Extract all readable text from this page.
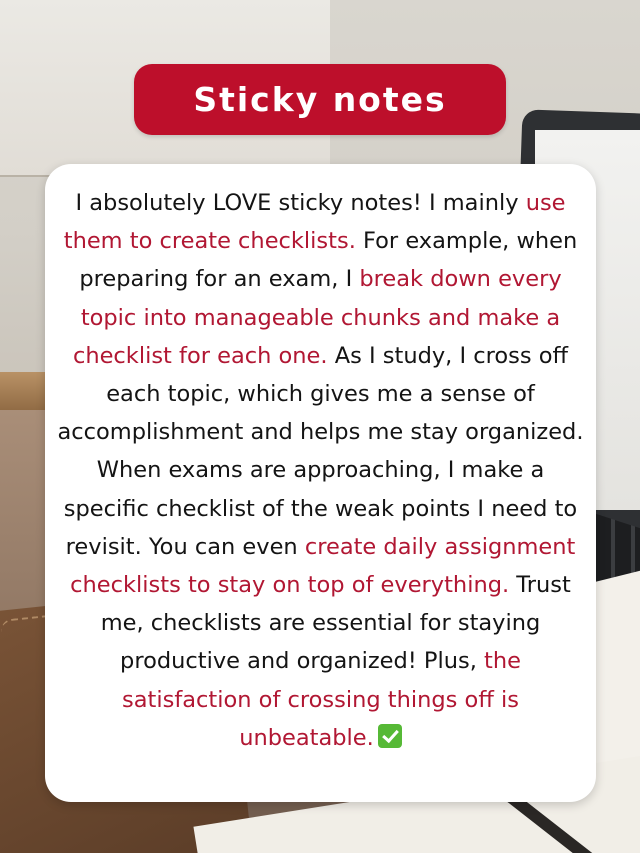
Sticky notes

I absolutely LOVE sticky notes! I mainly use them to create checklists. For example, when preparing for an exam, I break down every topic into manageable chunks and make a checklist for each one. As I study, I cross off each topic, which gives me a sense of accomplishment and helps me stay organized. When exams are approaching, I make a specific checklist of the weak points I need to revisit. You can even create daily assignment checklists to stay on top of everything. Trust me, checklists are essential for staying productive and organized! Plus, the satisfaction of crossing things off is unbeatable.
